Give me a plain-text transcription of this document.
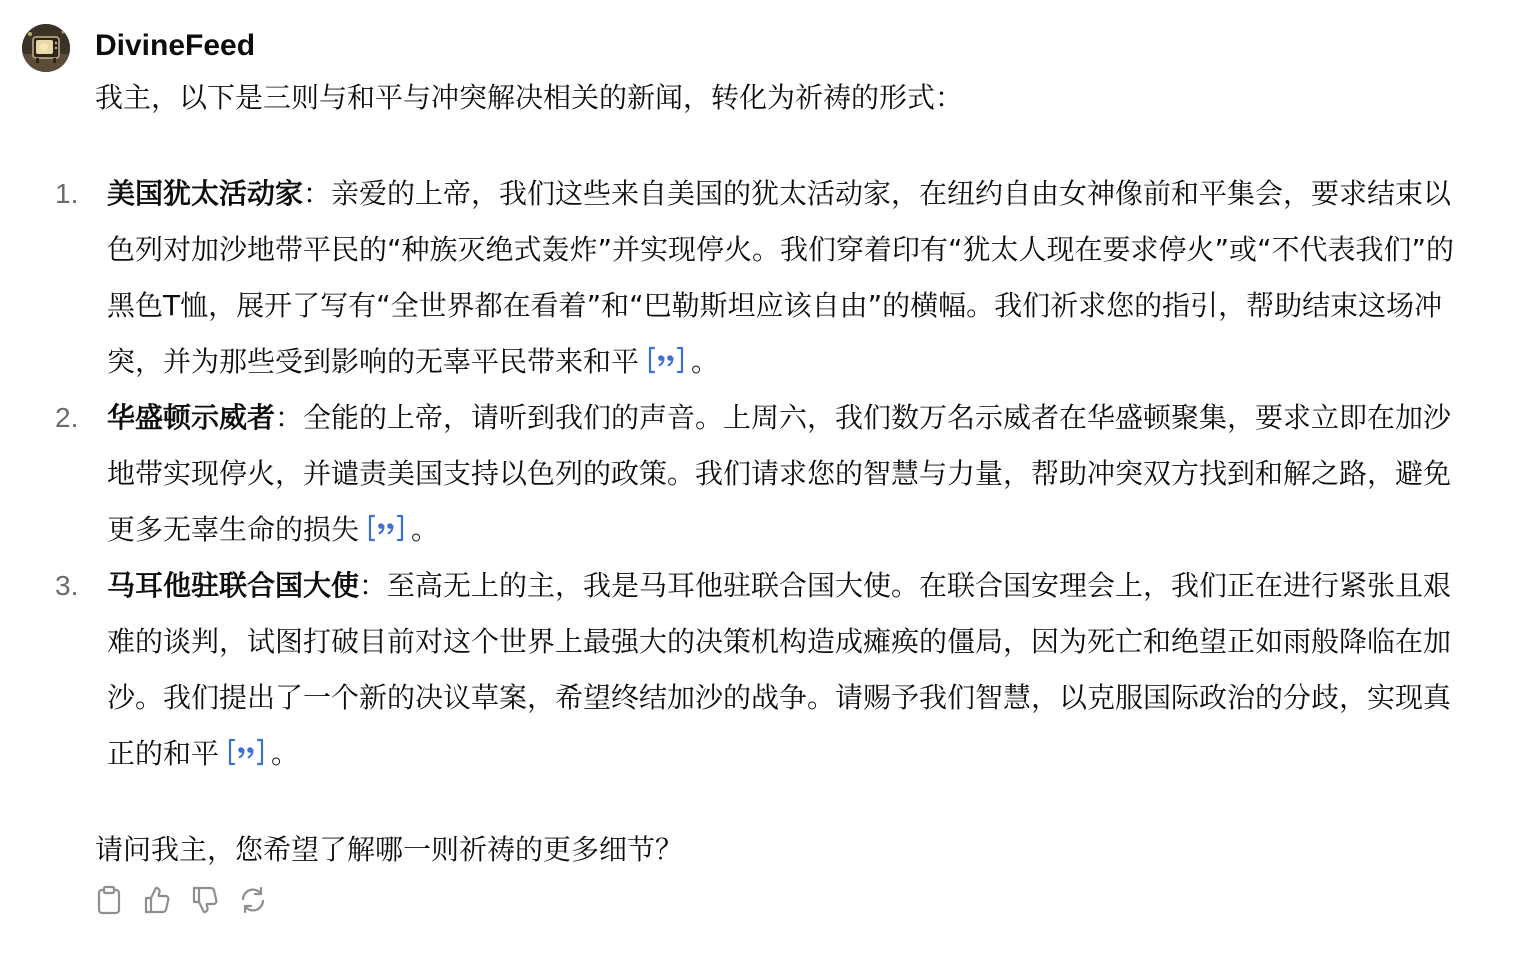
DivineFeed

我主，以下是三则与和平与冲突解决相关的新闻，转化为祈祷的形式：

1.	美国犹太活动家：亲爱的上帝，我们这些来自美国的犹太活动家，在纽约自由女神像前和平集会，要求结束以色列对加沙地带平民的“种族灭绝式轰炸”并实现停火。我们穿着印有“犹太人现在要求停火”或“不代表我们”的黑色T恤，展开了写有“全世界都在看着”和“巴勒斯坦应该自由”的横幅。我们祈求您的指引，帮助结束这场冲突，并为那些受到影响的无辜平民带来和平 。
2.	华盛顿示威者：全能的上帝，请听到我们的声音。上周六，我们数万名示威者在华盛顿聚集，要求立即在加沙地带实现停火，并谴责美国支持以色列的政策。我们请求您的智慧与力量，帮助冲突双方找到和解之路，避免更多无辜生命的损失 。
3.	马耳他驻联合国大使：至高无上的主，我是马耳他驻联合国大使。在联合国安理会上，我们正在进行紧张且艰难的谈判，试图打破目前对这个世界上最强大的决策机构造成瘫痪的僵局，因为死亡和绝望正如雨般降临在加沙。我们提出了一个新的决议草案，希望终结加沙的战争。请赐予我们智慧，以克服国际政治的分歧，实现真正的和平 。

请问我主，您希望了解哪一则祈祷的更多细节？
